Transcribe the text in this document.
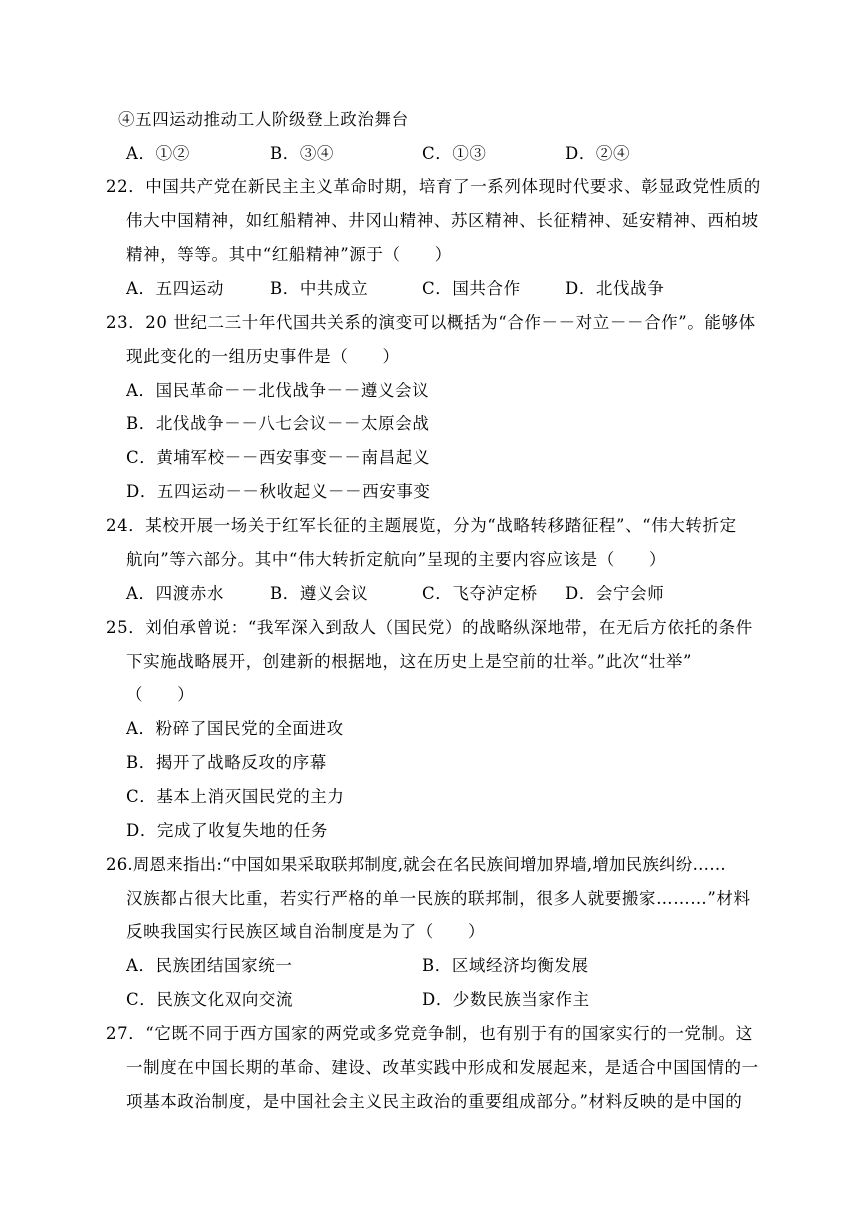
④五四运动推动工人阶级登上政治舞台
A．①②	B．③④	C．①③	D．②④
22．中国共产党在新民主主义革命时期，培育了一系列体现时代要求、彰显政党性质的
伟大中国精神，如红船精神、井冈山精神、苏区精神、长征精神、延安精神、西柏坡
精神，等等。其中“红船精神”源于（　　）
A．五四运动	B．中共成立	C．国共合作	D．北伐战争
23．20 世纪二三十年代国共关系的演变可以概括为“合作－－对立－－合作”。能够体
现此变化的一组历史事件是（　　）
A．国民革命－－北伐战争－－遵义会议
B．北伐战争－－八七会议－－太原会战
C．黄埔军校－－西安事变－－南昌起义
D．五四运动－－秋收起义－－西安事变
24．某校开展一场关于红军长征的主题展览，分为“战略转移踏征程”、“伟大转折定
航向”等六部分。其中“伟大转折定航向”呈现的主要内容应该是（　　）
A．四渡赤水	B．遵义会议	C．飞夺泸定桥 D．会宁会师
25．刘伯承曾说：“我军深入到敌人（国民党）的战略纵深地带，在无后方依托的条件
下实施战略展开，创建新的根据地，这在历史上是空前的壮举。”此次“壮举”
（　　）
A．粉碎了国民党的全面进攻
B．揭开了战略反攻的序幕
C．基本上消灭国民党的主力
D．完成了收复失地的任务
26.周恩来指出:“中国如果采取联邦制度,就会在名民族间增加界墙,增加民族纠纷……
汉族都占很大比重，若实行严格的单一民族的联邦制，很多人就要搬家………”材料
反映我国实行民族区域自治制度是为了（　　）
A．民族团结国家统一	B．区域经济均衡发展
C．民族文化双向交流	D．少数民族当家作主
27．“它既不同于西方国家的两党或多党竞争制，也有别于有的国家实行的一党制。这
一制度在中国长期的革命、建设、改革实践中形成和发展起来，是适合中国国情的一
项基本政治制度，是中国社会主义民主政治的重要组成部分。”材料反映的是中国的
